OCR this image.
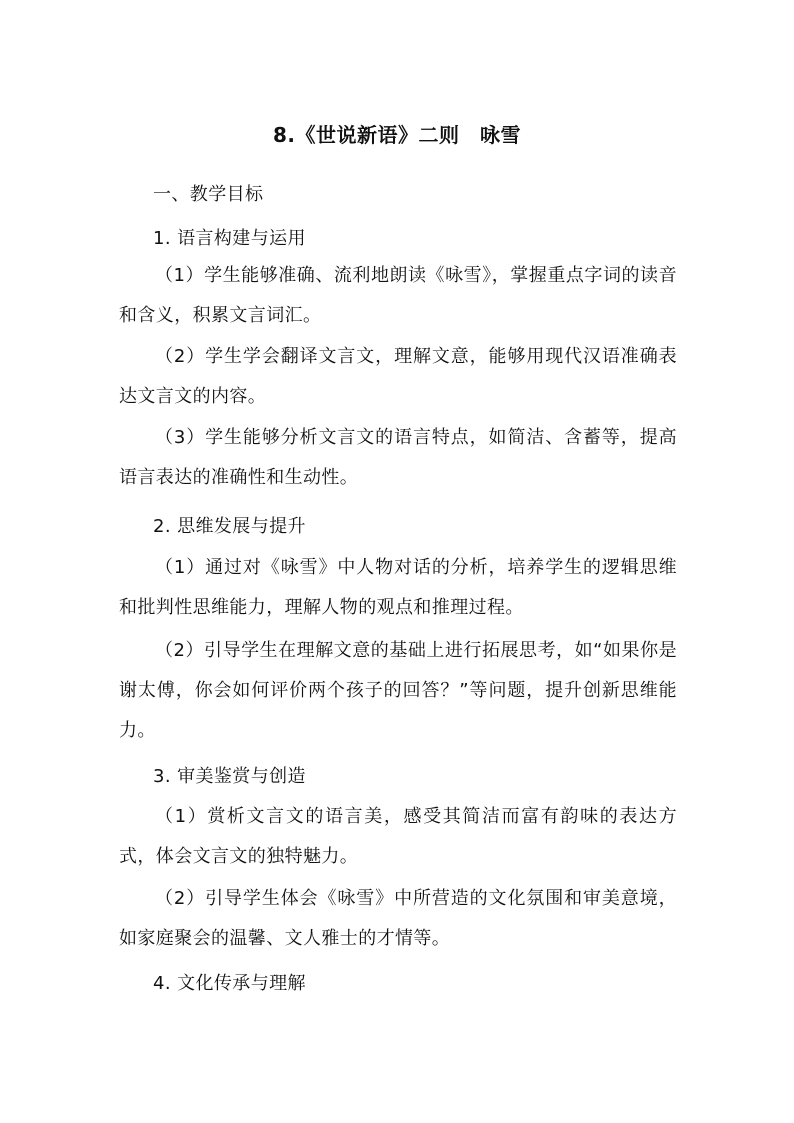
8.《世说新语》二则　咏雪
一、教学目标
1. 语言构建与运用
（1）学生能够准确、流利地朗读《咏雪》，掌握重点字词的读音和含义，积累文言词汇。
（2）学生学会翻译文言文，理解文意，能够用现代汉语准确表达文言文的内容。
（3）学生能够分析文言文的语言特点，如简洁、含蓄等，提高语言表达的准确性和生动性。
2. 思维发展与提升
（1）通过对《咏雪》中人物对话的分析，培养学生的逻辑思维和批判性思维能力，理解人物的观点和推理过程。
（2）引导学生在理解文意的基础上进行拓展思考，如“如果你是谢太傅，你会如何评价两个孩子的回答？”等问题，提升创新思维能力。
3. 审美鉴赏与创造
（1）赏析文言文的语言美，感受其简洁而富有韵味的表达方式，体会文言文的独特魅力。
（2）引导学生体会《咏雪》中所营造的文化氛围和审美意境，如家庭聚会的温馨、文人雅士的才情等。
4. 文化传承与理解
